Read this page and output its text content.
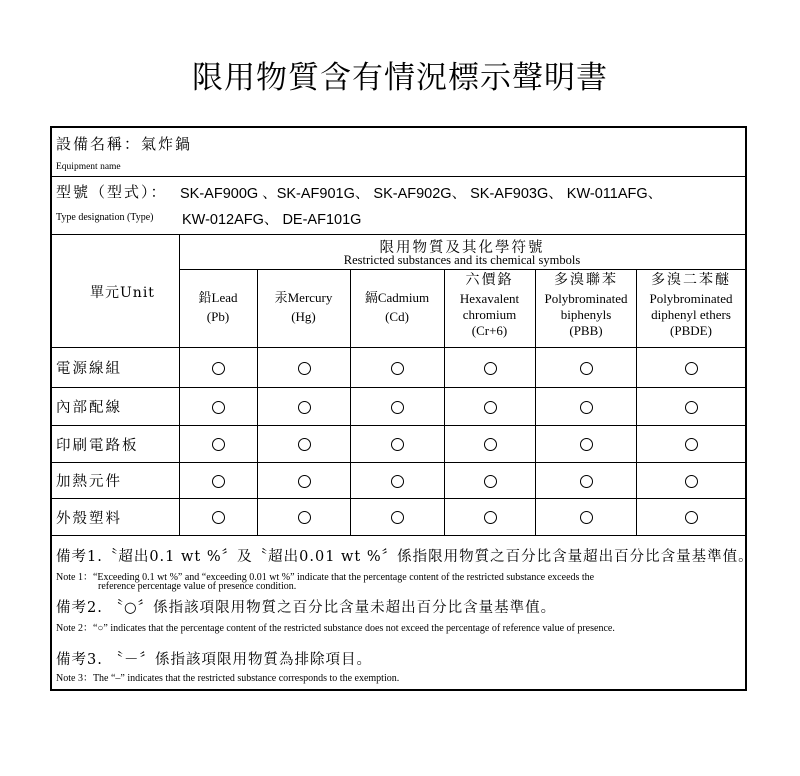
限用物質含有情況標示聲明書
設備名稱：氣炸鍋
Equipment name
型號（型式）： SK-AF900G 、SK-AF901G、 SK-AF902G、 SK-AF903G、 KW-011AFG、
Type designation (Type) KW-012AFG、 DE-AF101G
單元Unit
限用物質及其化學符號
Restricted substances and its chemical symbols
鉛Lead
(Pb)
汞Mercury
(Hg)
鎘Cadmium
(Cd)
六價鉻
Hexavalent
chromium
(Cr+6)
多溴聯苯
Polybrominated
biphenyls
(PBB)
多溴二苯醚
Polybrominated
diphenyl ethers
(PBDE)
電源線組
內部配線
印刷電路板
加熱元件
外殼塑料
備考1.〝超出0.1 wt %〞及〝超出0.01 wt %〞係指限用物質之百分比含量超出百分比含量基準值。
Note 1：“Exceeding 0.1 wt %” and “exceeding 0.01 wt %” indicate that the percentage content of the restricted substance exceeds the
reference percentage value of presence condition.
備考2. 〝○〞係指該項限用物質之百分比含量未超出百分比含量基準值。
Note 2：“○” indicates that the percentage content of the restricted substance does not exceed the percentage of reference value of presence.
備考3. 〝－〞係指該項限用物質為排除項目。
Note 3：The “–” indicates that the restricted substance corresponds to the exemption.
